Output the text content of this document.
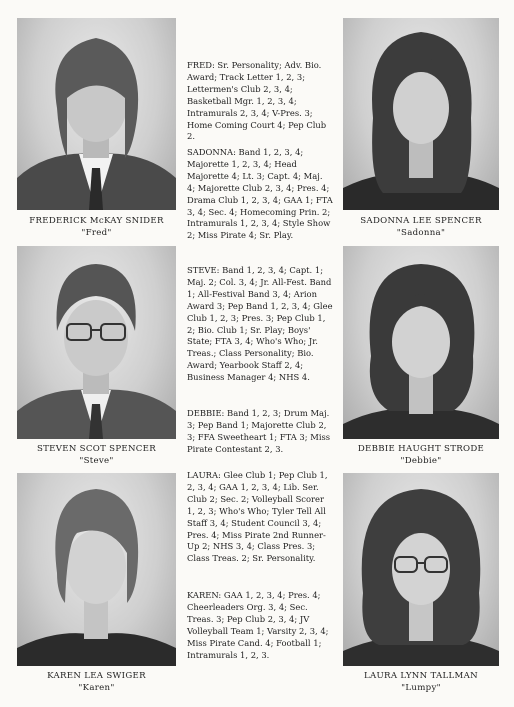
FREDERICK McKAY SNIDER
"Fred"
SADONNA LEE SPENCER
"Sadonna"
STEVEN SCOT SPENCER
"Steve"
DEBBIE HAUGHT STRODE
"Debbie"
KAREN LEA SWIGER
"Karen"
LAURA LYNN TALLMAN
"Lumpy"
FRED: Sr. Personality; Adv. Bio. Award; Track Letter 1, 2, 3; Lettermen's Club 2, 3, 4; Basketball Mgr. 1, 2, 3, 4; Intramurals 2, 3, 4; V-Pres. 3; Home Coming Court 4; Pep Club 2.
SADONNA: Band 1, 2, 3, 4; Majorette 1, 2, 3, 4; Head Majorette 4; Lt. 3; Capt. 4; Maj. 4; Majorette Club 2, 3, 4; Pres. 4; Drama Club 1, 2, 3, 4; GAA 1; FTA 3, 4; Sec. 4; Homecoming Prin. 2; Intramurals 1, 2, 3, 4; Style Show 2; Miss Pirate 4; Sr. Play.
STEVE: Band 1, 2, 3, 4; Capt. 1; Maj. 2; Col. 3, 4; Jr. All-Fest. Band 1; All-Festival Band 3, 4; Arion Award 3; Pep Band 1, 2, 3, 4; Glee Club 1, 2, 3; Pres. 3; Pep Club 1, 2; Bio. Club 1; Sr. Play; Boys' State; FTA 3, 4; Who's Who; Jr. Treas.; Class Personality; Bio. Award; Yearbook Staff 2, 4; Business Manager 4; NHS 4.
DEBBIE: Band 1, 2, 3; Drum Maj. 3; Pep Band 1; Majorette Club 2, 3; FFA Sweetheart 1; FTA 3; Miss Pirate Contestant 2, 3.
LAURA: Glee Club 1; Pep Club 1, 2, 3, 4; GAA 1, 2, 3, 4; Lib. Ser. Club 2; Sec. 2; Volleyball Scorer 1, 2, 3; Who's Who; Tyler Tell All Staff 3, 4; Student Council 3, 4; Pres. 4; Miss Pirate 2nd Runner-Up 2; NHS 3, 4; Class Pres. 3; Class Treas. 2; Sr. Personality.
KAREN: GAA 1, 2, 3, 4; Pres. 4; Cheerleaders Org. 3, 4; Sec. Treas. 3; Pep Club 2, 3, 4; JV Volleyball Team 1; Varsity 2, 3, 4; Miss Pirate Cand. 4; Football 1; Intramurals 1, 2, 3.
